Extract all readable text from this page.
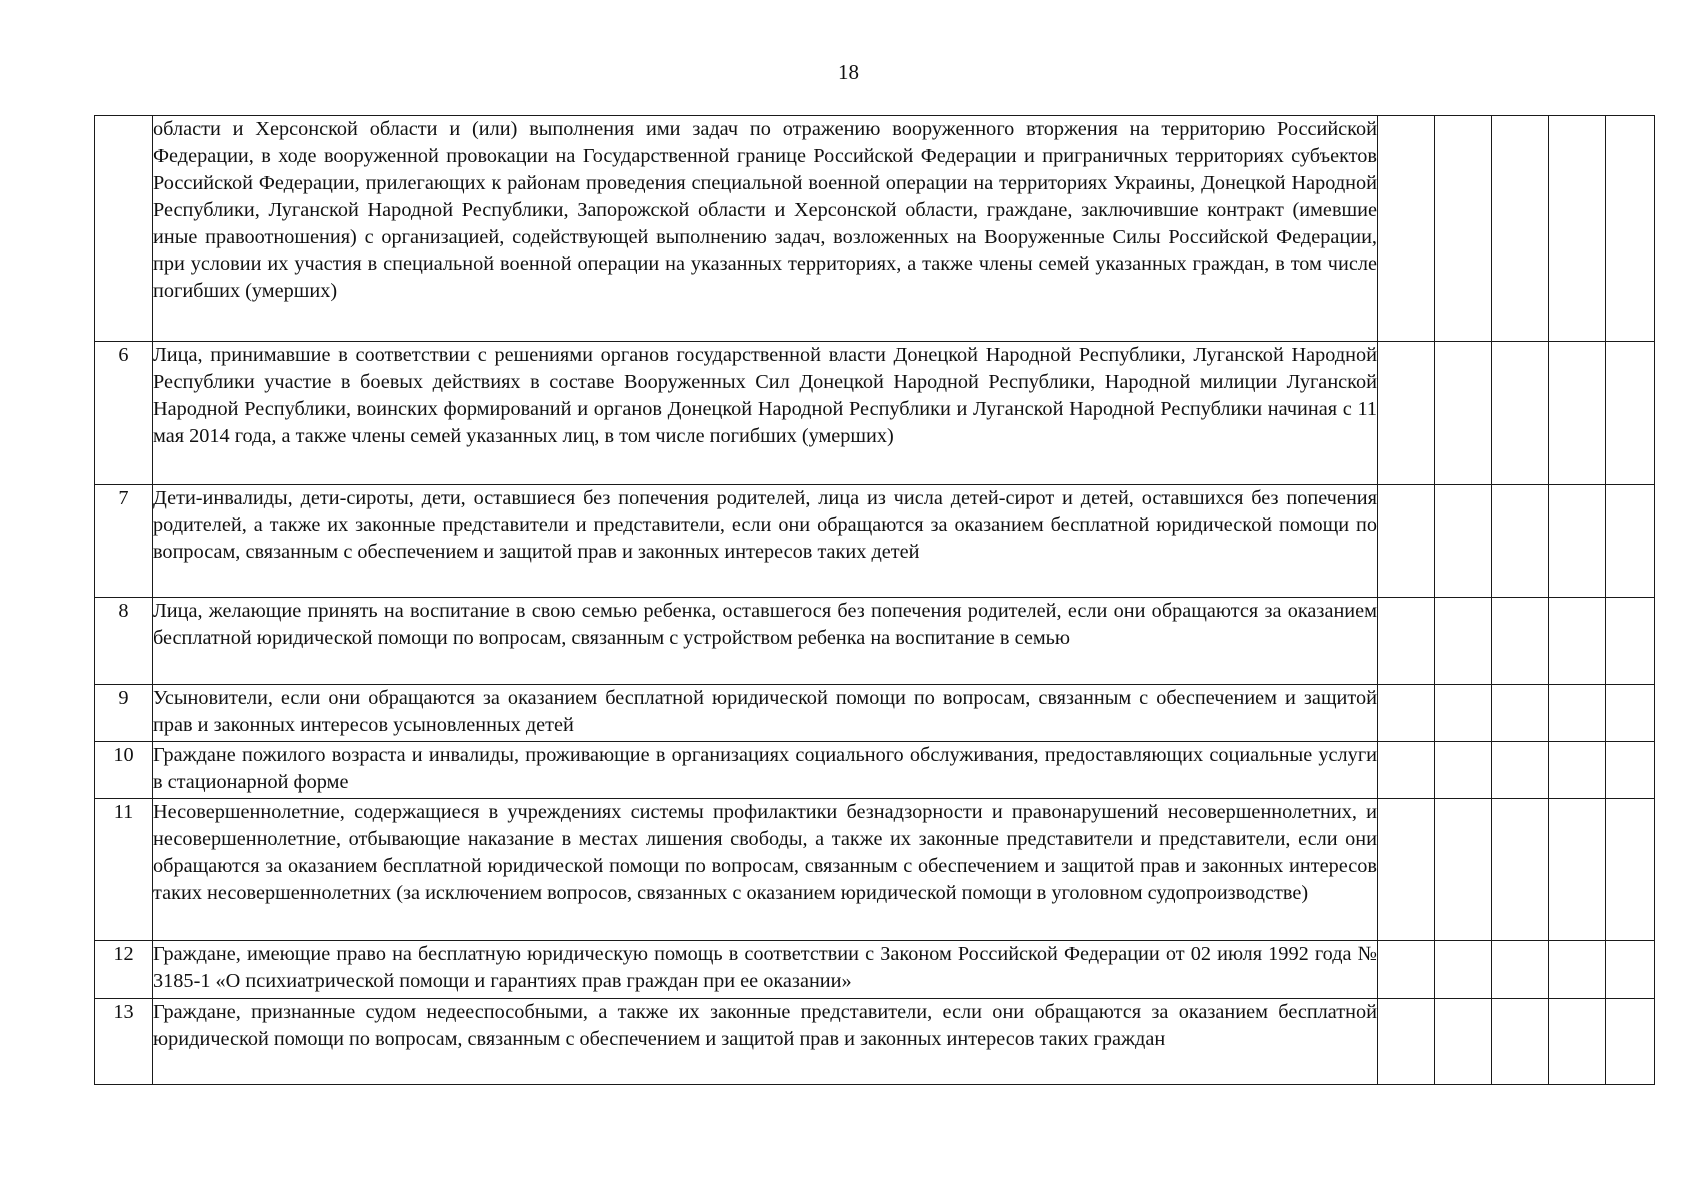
18
	области и Херсонской области и (или) выполнения ими задач по отражению вооруженного вторжения на территорию Российской Федерации, в ходе вооруженной провокации на Государственной границе Российской Федерации и приграничных территориях субъектов Российской Федерации, прилегающих к районам проведения специальной военной операции на территориях Украины, Донецкой Народной Республики, Луганской Народной Республики, Запорожской области и Херсонской области, граждане, заключившие контракт (имевшие иные правоотношения) с организацией, содействующей выполнению задач, возложенных на Вооруженные Силы Российской Федерации, при условии их участия в специальной военной операции на указанных территориях, а также члены семей указанных граждан, в том числе погибших (умерших)					
6	Лица, принимавшие в соответствии с решениями органов государственной власти Донецкой Народной Республики, Луганской Народной Республики участие в боевых действиях в составе Вооруженных Сил Донецкой Народной Республики, Народной милиции Луганской Народной Республики, воинских формирований и органов Донецкой Народной Республики и Луганской Народной Республики начиная с 11 мая 2014 года, а также члены семей указанных лиц, в том числе погибших (умерших)					
7	Дети-инвалиды, дети-сироты, дети, оставшиеся без попечения родителей, лица из числа детей-сирот и детей, оставшихся без попечения родителей, а также их законные представители и представители, если они обращаются за оказанием бесплатной юридической помощи по вопросам, связанным с обеспечением и защитой прав и законных интересов таких детей					
8	Лица, желающие принять на воспитание в свою семью ребенка, оставшегося без попечения родителей, если они обращаются за оказанием бесплатной юридической помощи по вопросам, связанным с устройством ребенка на воспитание в семью					
9	Усыновители, если они обращаются за оказанием бесплатной юридической помощи по вопросам, связанным с обеспечением и защитой прав и законных интересов усыновленных детей					
10	Граждане пожилого возраста и инвалиды, проживающие в организациях социального обслуживания, предоставляющих социальные услуги в стационарной форме					
11	Несовершеннолетние, содержащиеся в учреждениях системы профилактики безнадзорности и правонарушений несовершеннолетних, и несовершеннолетние, отбывающие наказание в местах лишения свободы, а также их законные представители и представители, если они обращаются за оказанием бесплатной юридической помощи по вопросам, связанным с обеспечением и защитой прав и законных интересов таких несовершеннолетних (за исключением вопросов, связанных с оказанием юридической помощи в уголовном судопроизводстве)					
12	Граждане, имеющие право на бесплатную юридическую помощь в соответствии с Законом Российской Федерации от 02 июля 1992 года № 3185-1 «О психиатрической помощи и гарантиях прав граждан при ее оказании»					
13	Граждане, признанные судом недееспособными, а также их законные представители, если они обращаются за оказанием бесплатной юридической помощи по вопросам, связанным с обеспечением и защитой прав и законных интересов таких граждан					
